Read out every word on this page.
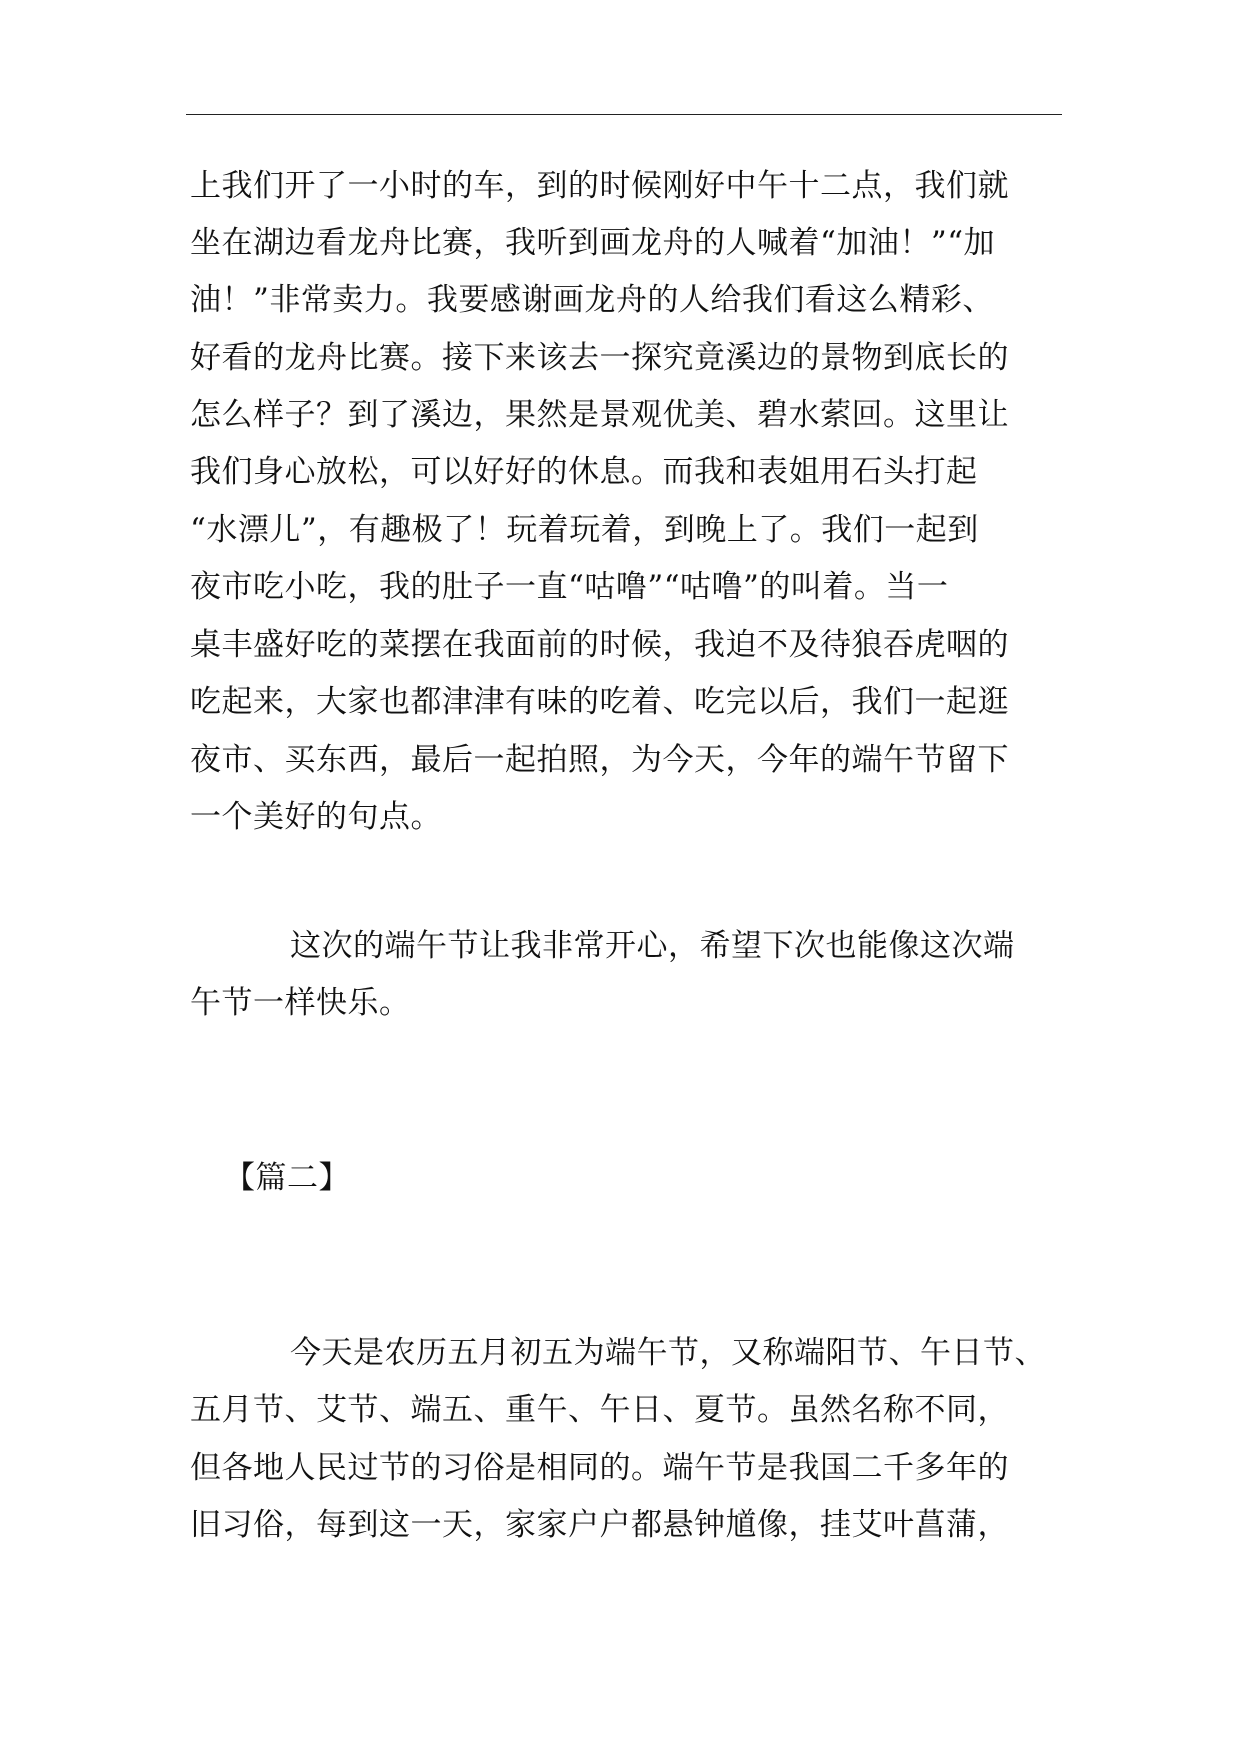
上我们开了一小时的车，到的时候刚好中午十二点，我们就
坐在湖边看龙舟比赛，我听到画龙舟的人喊着“加油！”“加
油！”非常卖力。我要感谢画龙舟的人给我们看这么精彩、
好看的龙舟比赛。接下来该去一探究竟溪边的景物到底长的
怎么样子？到了溪边，果然是景观优美、碧水萦回。这里让
我们身心放松，可以好好的休息。而我和表姐用石头打起
“水漂儿”，有趣极了！玩着玩着，到晚上了。我们一起到
夜市吃小吃，我的肚子一直“咕噜”“咕噜”的叫着。当一
桌丰盛好吃的菜摆在我面前的时候，我迫不及待狼吞虎咽的
吃起来，大家也都津津有味的吃着、吃完以后，我们一起逛
夜市、买东西，最后一起拍照，为今天，今年的端午节留下
一个美好的句点。
这次的端午节让我非常开心，希望下次也能像这次端
午节一样快乐。
【篇二】
今天是农历五月初五为端午节，又称端阳节、午日节、
五月节、艾节、端五、重午、午日、夏节。虽然名称不同，
但各地人民过节的习俗是相同的。端午节是我国二千多年的
旧习俗，每到这一天，家家户户都悬钟馗像，挂艾叶菖蒲，
